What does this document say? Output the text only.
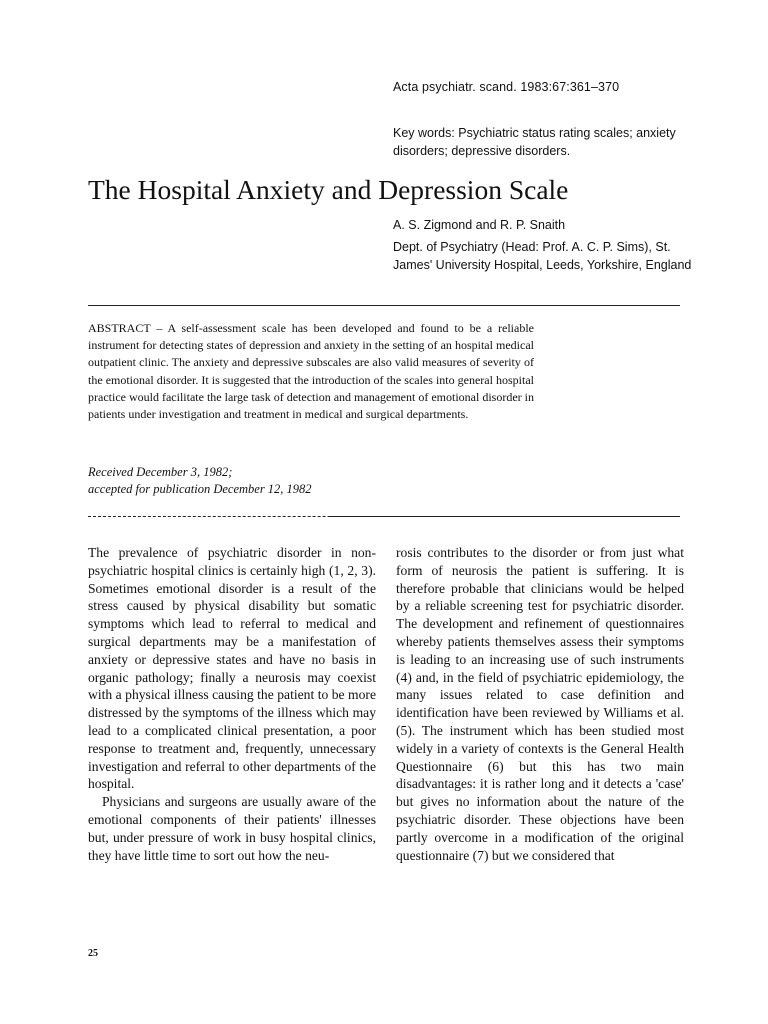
Acta psychiatr. scand. 1983:67:361–370
Key words: Psychiatric status rating scales; anxiety disorders; depressive disorders.
The Hospital Anxiety and Depression Scale
A. S. Zigmond and R. P. Snaith
Dept. of Psychiatry (Head: Prof. A. C. P. Sims), St. James' University Hospital, Leeds, Yorkshire, England

ABSTRACT – A self-assessment scale has been developed and found to be a reliable instrument for detecting states of depression and anxiety in the setting of an hospital medical outpatient clinic. The anxiety and depressive subscales are also valid measures of severity of the emotional disorder. It is suggested that the introduction of the scales into general hospital practice would facilitate the large task of detection and management of emotional disorder in patients under investigation and treatment in medical and surgical departments.

Received December 3, 1982;
accepted for publication December 12, 1982

The prevalence of psychiatric disorder in non-psychiatric hospital clinics is certainly high (1, 2, 3). Sometimes emotional disorder is a result of the stress caused by physical disability but somatic symptoms which lead to referral to medical and surgical departments may be a manifestation of anxiety or depressive states and have no basis in organic pathology; finally a neurosis may coexist with a physical illness causing the patient to be more distressed by the symptoms of the illness which may lead to a complicated clinical presentation, a poor response to treatment and, frequently, unnecessary investigation and referral to other departments of the hospital.

Physicians and surgeons are usually aware of the emotional components of their patients' illnesses but, under pressure of work in busy hospital clinics, they have little time to sort out how the neu-

rosis contributes to the disorder or from just what form of neurosis the patient is suffering. It is therefore probable that clinicians would be helped by a reliable screening test for psychiatric disorder. The development and refinement of questionnaires whereby patients themselves assess their symptoms is leading to an increasing use of such instruments (4) and, in the field of psychiatric epidemiology, the many issues related to case definition and identification have been reviewed by Williams et al. (5). The instrument which has been studied most widely in a variety of contexts is the General Health Questionnaire (6) but this has two main disadvantages: it is rather long and it detects a 'case' but gives no information about the nature of the psychiatric disorder. These objections have been partly overcome in a modification of the original questionnaire (7) but we considered that

25
